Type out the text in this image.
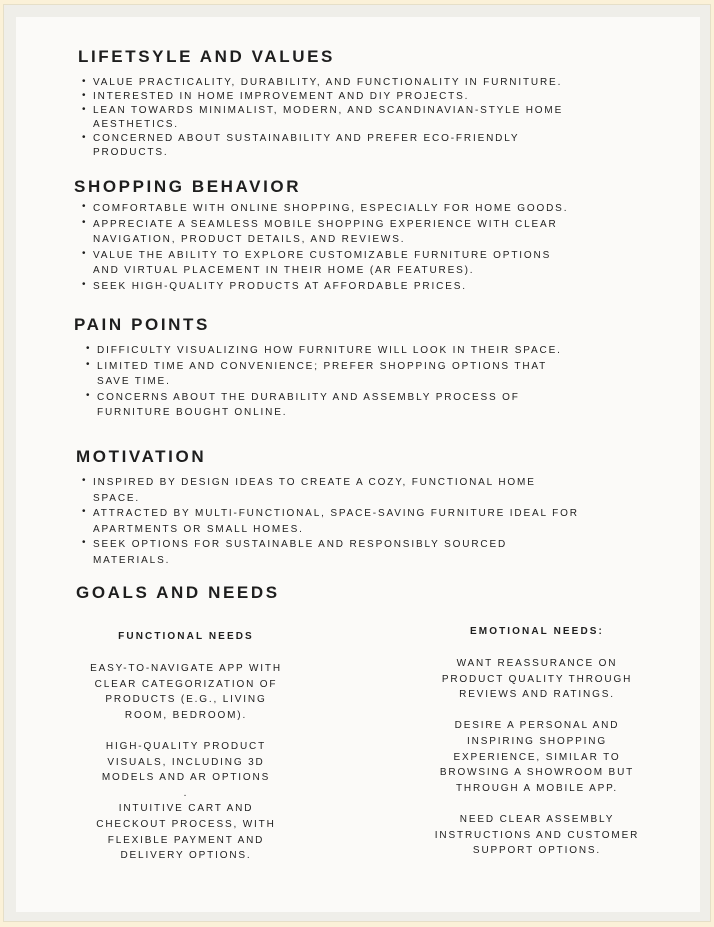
LIFETSYLE AND VALUES
• VALUE PRACTICALITY, DURABILITY, AND FUNCTIONALITY IN FURNITURE.
• INTERESTED IN HOME IMPROVEMENT AND DIY PROJECTS.
• LEAN TOWARDS MINIMALIST, MODERN, AND SCANDINAVIAN-STYLE HOME
AESTHETICS.
• CONCERNED ABOUT SUSTAINABILITY AND PREFER ECO-FRIENDLY
PRODUCTS.
SHOPPING BEHAVIOR
• COMFORTABLE WITH ONLINE SHOPPING, ESPECIALLY FOR HOME GOODS.
• APPRECIATE A SEAMLESS MOBILE SHOPPING EXPERIENCE WITH CLEAR
NAVIGATION, PRODUCT DETAILS, AND REVIEWS.
• VALUE THE ABILITY TO EXPLORE CUSTOMIZABLE FURNITURE OPTIONS
AND VIRTUAL PLACEMENT IN THEIR HOME (AR FEATURES).
• SEEK HIGH-QUALITY PRODUCTS AT AFFORDABLE PRICES.
PAIN POINTS
• DIFFICULTY VISUALIZING HOW FURNITURE WILL LOOK IN THEIR SPACE.
• LIMITED TIME AND CONVENIENCE; PREFER SHOPPING OPTIONS THAT
SAVE TIME.
• CONCERNS ABOUT THE DURABILITY AND ASSEMBLY PROCESS OF
FURNITURE BOUGHT ONLINE.
MOTIVATION
• INSPIRED BY DESIGN IDEAS TO CREATE A COZY, FUNCTIONAL HOME
SPACE.
• ATTRACTED BY MULTI-FUNCTIONAL, SPACE-SAVING FURNITURE IDEAL FOR
APARTMENTS OR SMALL HOMES.
• SEEK OPTIONS FOR SUSTAINABLE AND RESPONSIBLY SOURCED
MATERIALS.
GOALS AND NEEDS
FUNCTIONAL NEEDS
EASY-TO-NAVIGATE APP WITH
CLEAR CATEGORIZATION OF
PRODUCTS (E.G., LIVING
ROOM, BEDROOM).
HIGH-QUALITY PRODUCT
VISUALS, INCLUDING 3D
MODELS AND AR OPTIONS
.
INTUITIVE CART AND
CHECKOUT PROCESS, WITH
FLEXIBLE PAYMENT AND
DELIVERY OPTIONS.
EMOTIONAL NEEDS:
WANT REASSURANCE ON
PRODUCT QUALITY THROUGH
REVIEWS AND RATINGS.
DESIRE A PERSONAL AND
INSPIRING SHOPPING
EXPERIENCE, SIMILAR TO
BROWSING A SHOWROOM BUT
THROUGH A MOBILE APP.
NEED CLEAR ASSEMBLY
INSTRUCTIONS AND CUSTOMER
SUPPORT OPTIONS.
